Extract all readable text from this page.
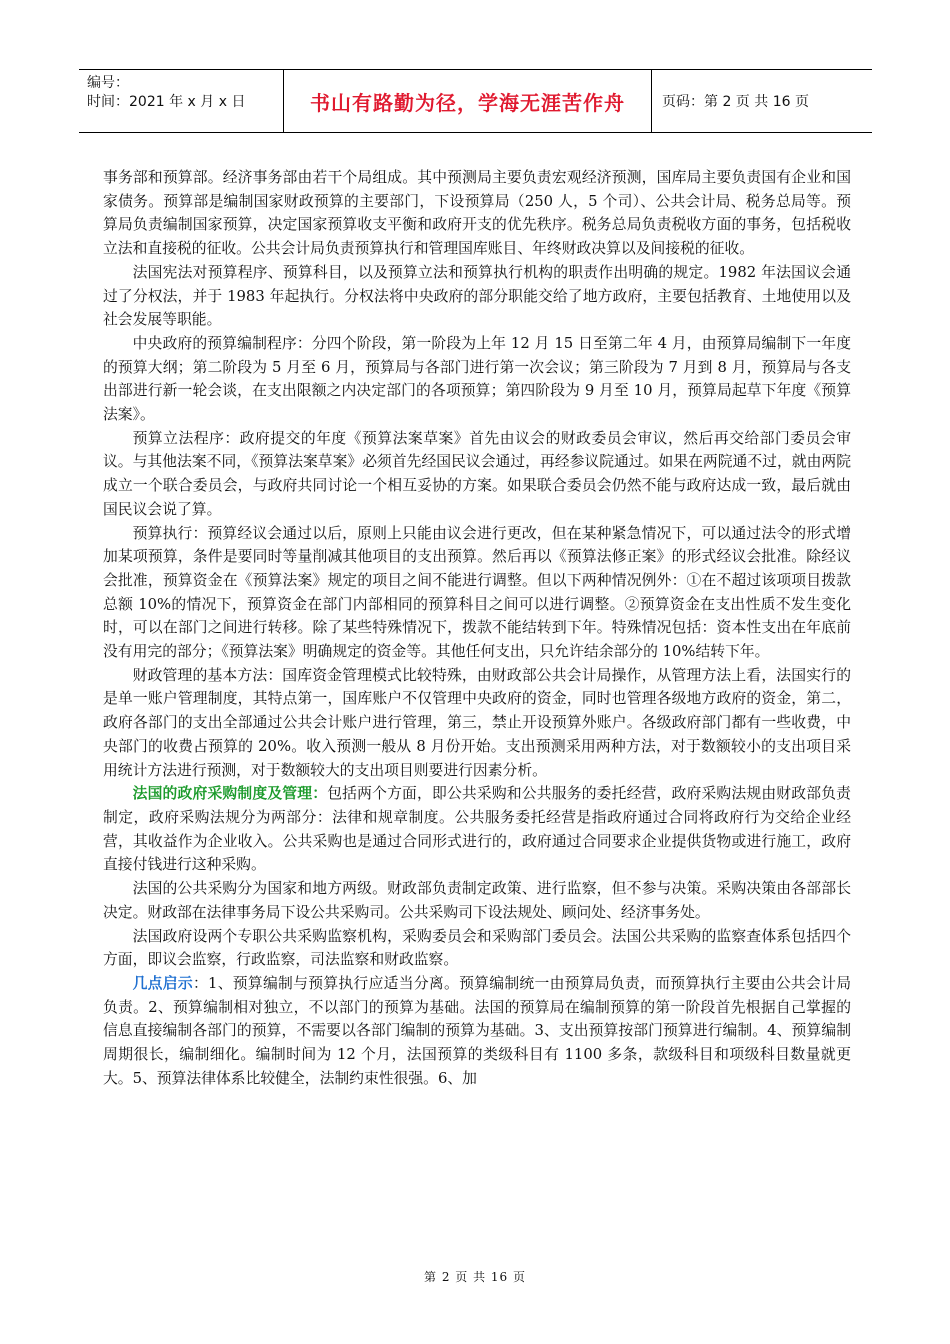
编号：
时间：2021 年 x 月 x 日	书山有路勤为径，学海无涯苦作舟	页码：第 2 页 共 16 页

事务部和预算部。经济事务部由若干个局组成。其中预测局主要负责宏观经济预测，国库局主要负责国有企业和国家债务。预算部是编制国家财政预算的主要部门，下设预算局（250 人，5 个司）、公共会计局、税务总局等。预算局负责编制国家预算，决定国家预算收支平衡和政府开支的优先秩序。税务总局负责税收方面的事务，包括税收立法和直接税的征收。公共会计局负责预算执行和管理国库账目、年终财政决算以及间接税的征收。

法国宪法对预算程序、预算科目，以及预算立法和预算执行机构的职责作出明确的规定。1982 年法国议会通过了分权法，并于 1983 年起执行。分权法将中央政府的部分职能交给了地方政府，主要包括教育、土地使用以及社会发展等职能。

中央政府的预算编制程序：分四个阶段，第一阶段为上年 12 月 15 日至第二年 4 月，由预算局编制下一年度的预算大纲；第二阶段为 5 月至 6 月，预算局与各部门进行第一次会议；第三阶段为 7 月到 8 月，预算局与各支出部进行新一轮会谈，在支出限额之内决定部门的各项预算；第四阶段为 9 月至 10 月，预算局起草下年度《预算法案》。

预算立法程序：政府提交的年度《预算法案草案》首先由议会的财政委员会审议，然后再交给部门委员会审议。与其他法案不同，《预算法案草案》必须首先经国民议会通过，再经参议院通过。如果在两院通不过，就由两院成立一个联合委员会，与政府共同讨论一个相互妥协的方案。如果联合委员会仍然不能与政府达成一致，最后就由国民议会说了算。

预算执行：预算经议会通过以后，原则上只能由议会进行更改，但在某种紧急情况下，可以通过法令的形式增加某项预算，条件是要同时等量削减其他项目的支出预算。然后再以《预算法修正案》的形式经议会批准。除经议会批准，预算资金在《预算法案》规定的项目之间不能进行调整。但以下两种情况例外：①在不超过该项项目拨款总额 10%的情况下，预算资金在部门内部相同的预算科目之间可以进行调整。②预算资金在支出性质不发生变化时，可以在部门之间进行转移。除了某些特殊情况下，拨款不能结转到下年。特殊情况包括：资本性支出在年底前没有用完的部分；《预算法案》明确规定的资金等。其他任何支出，只允许结余部分的 10%结转下年。

财政管理的基本方法：国库资金管理模式比较特殊，由财政部公共会计局操作，从管理方法上看，法国实行的是单一账户管理制度，其特点第一，国库账户不仅管理中央政府的资金，同时也管理各级地方政府的资金，第二，政府各部门的支出全部通过公共会计账户进行管理，第三，禁止开设预算外账户。各级政府部门都有一些收费，中央部门的收费占预算的 20%。收入预测一般从 8 月份开始。支出预测采用两种方法，对于数额较小的支出项目采用统计方法进行预测，对于数额较大的支出项目则要进行因素分析。

法国的政府采购制度及管理：包括两个方面，即公共采购和公共服务的委托经营，政府采购法规由财政部负责制定，政府采购法规分为两部分：法律和规章制度。公共服务委托经营是指政府通过合同将政府行为交给企业经营，其收益作为企业收入。公共采购也是通过合同形式进行的，政府通过合同要求企业提供货物或进行施工，政府直接付钱进行这种采购。

法国的公共采购分为国家和地方两级。财政部负责制定政策、进行监察，但不参与决策。采购决策由各部部长决定。财政部在法律事务局下设公共采购司。公共采购司下设法规处、顾问处、经济事务处。

法国政府设两个专职公共采购监察机构，采购委员会和采购部门委员会。法国公共采购的监察查体系包括四个方面，即议会监察，行政监察，司法监察和财政监察。

几点启示：1、预算编制与预算执行应适当分离。预算编制统一由预算局负责，而预算执行主要由公共会计局负责。2、预算编制相对独立，不以部门的预算为基础。法国的预算局在编制预算的第一阶段首先根据自己掌握的信息直接编制各部门的预算，不需要以各部门编制的预算为基础。3、支出预算按部门预算进行编制。4、预算编制周期很长，编制细化。编制时间为 12 个月，法国预算的类级科目有 1100 多条，款级科目和项级科目数量就更大。5、预算法律体系比较健全，法制约束性很强。6、加

第 2 页 共 16 页
